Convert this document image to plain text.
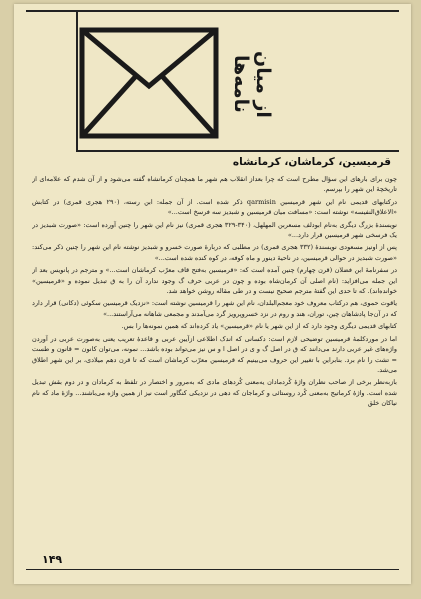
از میان نامه‌ها
قرمیسین، کرماشان، کرمانشاه

چون برای بارهای این سؤال مطرح است که چرا بعداز انقلاب هم شهر ما همچنان کرمانشاه گفته می‌شود و از آن شدم که علامه‌ای از تاریخچهٔ این شهر را بپرسم.

درکتابهای قدیمی نام این شهر قرمیسین qarmisin ذکر شده است. از آن جمله: ابن رسته، (۲۹۰ هجری قمری) در کتابش «الاعلاق‌النفیسه» نوشته است: «مسافت میان قرمیسین و شبدیز سه فرسخ است...»

نویسندهٔ بزرگ دیگری به‌نام ابودلف مسعربن المهلهل، (۳۴۰-۳۲۹ هجری قمری) نیز نام این شهر را چنین آورده است: «صورت شبدیز در یک فرسخی شهر قرمیسین قرار دارد...»

پس از اونیز مسعودی نویسندهٔ (۳۳۲ هجری قمری) در مطلبی که دربارهٔ صورت خسرو و شبدیز نوشته نام این شهر را چنین ذکر می‌کند: «صورت شبدیز در حوالی قرمیسین، در ناحیهٔ دینور و ماه کوفه، در کوه کنده شده است...»

در سفرنامهٔ ابن فضلان (قرن چهارم) چنین آمده است که: «قرمیسین به‌فتح قاف معرّب کرماشان است...» و مترجم در پانویس بعد از این جمله می‌افزاید: (نام اصلی آن کرمان‌شاه بوده و چون در عربی حرف گ وجود ندارد آن را به ق تبدیل نموده و «قرمیسین» خوانده‌اند). که تا حدی این گفتهٔ مترجم صحیح نیست و در طی مقاله روشن خواهد شد.

یاقوت حموی، هم درکتاب معروف خود معجم‌البلدان، نام این شهر را قرمیسین نوشته است: «نزدیک قرمیسین سکوئی (دکانی) قرار دارد که در آن‌جا پادشاهان چین، توران، هند و روم در نزد خسروپرویز گرد می‌آمدند و مجمعی شاهانه می‌آراستند...»

کتابهای قدیمی دیگری وجود دارد که از این شهر یا نام «قرمیسین» یاد کرده‌اند که همین نمونه‌ها را بس.

اما در موردکلمهٔ قرمیسین توضیحی لازم است: دکسانی که اندک اطلاعی ازآیین عربی و قاعدهٔ تعریب یعنی به‌صورت عربی در آوردن واژه‌های غیر عربی دارند می‌دانند که ق در اصل گ و ی در اصل ا و س نیز می‌تواند بوده باشد... نمونه، می‌توان کانون = قانون و طست = تشت را نام برد. بنابراین با تغییر این حروف می‌بینیم که قرمیسین معرّب کرماشان است که تا قرن دهم میلادی‌، بر این شهر اطلاق می‌شد.

بازبه‌نظر برخی از صاحب نظران واژهٔ کُردمادان یه‌معنی کُردهای مادی که به‌مرور و اختصار در تلفظ به کرمادان و در دوم بقش تبدیل شده است. واژهٔ کرماتیج به‌معنی کُرد روستائی و کرماجان که دهی در نزدیکی کنگاور است نیز از همین واژه می‌باشند... واژهٔ ماد که نام نیاکان خلق

۱۴۹
